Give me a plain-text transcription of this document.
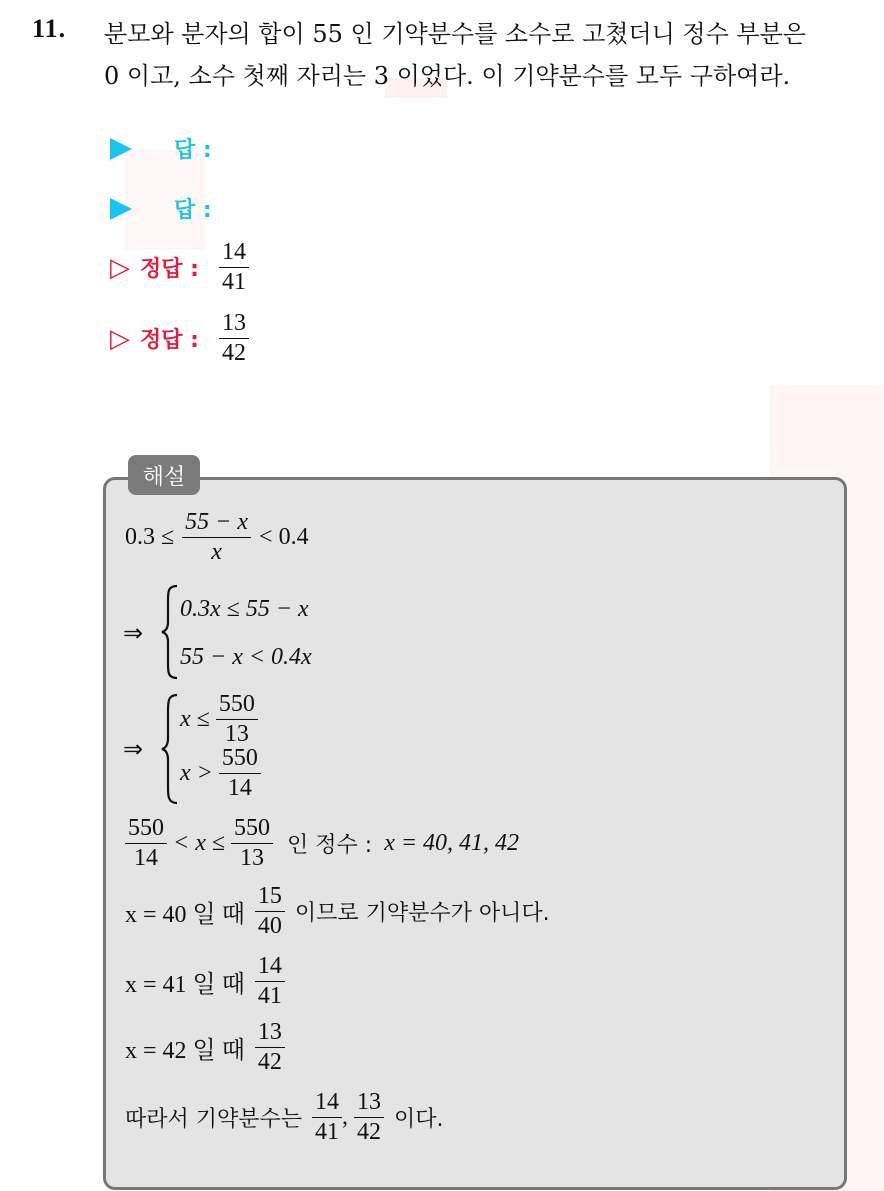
11. 분모와 분자의 합이 55 인 기약분수를 소수로 고쳤더니 정수 부분은
0 이고, 소수 첫째 자리는 3 이었다. 이 기약분수를 모두 구하여라.
답 :
답 :
▷ 정답 : $\frac{14}{41}$
▷ 정답 : $\frac{13}{42}$
해설
$0.3 \le \frac{55 - x}{x} < 0.4$
⇒
0.3x ≤ 55 − x
55 − x < 0.4x
⇒
$x \le \frac{550}{13}$
$x > \frac{550}{14}$
$\frac{550}{14} < x \le \frac{550}{13}$ 인 정수 : x = 40, 41, 42
x = 40 일 때 $\frac{15}{40}$ 이므로 기약분수가 아니다.
x = 41 일 때 $\frac{14}{41}$
x = 42 일 때 $\frac{13}{42}$
따라서 기약분수는 $\frac{14}{41}$ , $\frac{13}{42}$ 이다.
